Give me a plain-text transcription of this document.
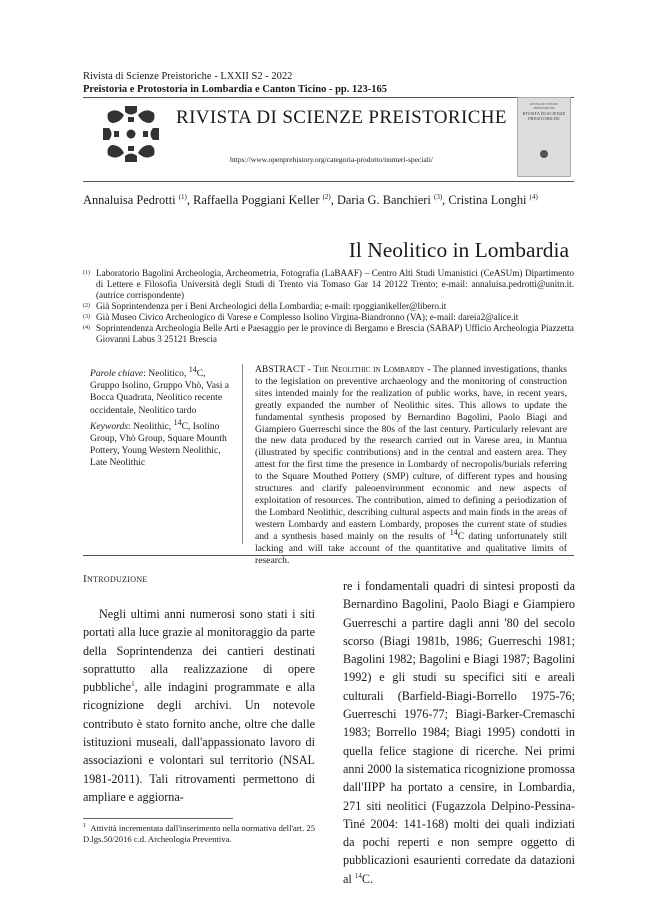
Rivista di Scienze Preistoriche - LXXII S2 - 2022
Preistoria e Protostoria in Lombardia e Canton Ticino - pp. 123-165
RIVISTA DI SCIENZE PREISTORICHE
https://www.openprehistory.org/categoria-prodotto/numeri-speciali/
RIVISTA DI SCIENZE PREISTORICHE
RIVISTA DI SCIENZE PREISTORICHE
Annaluisa Pedrotti $^{(1)}$, Raffaella Poggiani Keller $^{(2)}$, Daria G. Banchieri $^{(3)}$, Cristina Longhi $^{(4)}$
Il Neolitico in Lombardia
(1) Laboratorio Bagolini Archeologia, Archeometria, Fotografia (LaBAAF) – Centro Alti Studi Umanistici (CeASUm) Dipartimento di Lettere e Filosofia Università degli Studi di Trento via Tomaso Gar 14 20122 Trento; e-mail: annaluisa.pedrotti@unitn.it. (autrice corrispondente)
(2) Già Soprintendenza per i Beni Archeologici della Lombardia; e-mail: rpoggianikeller@libero.it
(3) Già Museo Civico Archeologico di Varese e Complesso Isolino Virgina-Biandronno (VA); e-mail: dareia2@alice.it
(4) Soprintendenza Archeologia Belle Arti e Paesaggio per le province di Bergamo e Brescia (SABAP) Ufficio Archeologia Piazzetta Giovanni Labus 3 25121 Brescia

Parole chiave: Neolitico, $^{14}$C, Gruppo Isolino, Gruppo Vhò, Vasi a Bocca Quadrata, Neolitico recente occidentale, Neolitico tardo

Keywords: Neolithic, $^{14}$C, Isolino Group, Vhò Group, Square Mounth Pottery, Young Western Neolithic, Late Neolithic

ABSTRACT - The Neolithic in Lombardy - The planned investigations, thanks to the legislation on preventive archaeology and the monitoring of construction sites intended mainly for the realization of public works, have, in recent years, greatly expanded the number of Neolithic sites. This allows to update the fundamental synthesis proposed by Bernardino Bagolini, Paolo Biagi and Giampiero Guerreschi since the 80s of the last century. Particularly relevant are the new data produced by the research carried out in Varese area, in Mantua (illustrated by specific contributions) and in the central and eastern area. They attest for the first time the presence in Lombardy of necropolis/burials referring to the Square Mouthed Pottery (SMP) culture, of different types and housing structures and clarify paleoenvironment economic and new aspects of exploitation of resources. The contribution, aimed to defining a periodization of the Lombard Neolithic, describing cultural aspects and main finds in the areas of western Lombardy and eastern Lombardy, proposes the current state of studies and a synthesis based mainly on the results of $^{14}$C dating unfortunately still lacking and will take account of the quantitative and qualitative limits of research.
Introduzione
Negli ultimi anni numerosi sono stati i siti portati alla luce grazie al monitoraggio da parte della Soprintendenza dei cantieri destinati soprattutto alla realizzazione di opere pubbliche$^1$, alle indagini programmate e alla ricognizione degli archivi. Un notevole contributo è stato fornito anche, oltre che dalle istituzioni museali, dall'appassionato lavoro di associazioni e volontari sul territorio (NSAL 1981-2011). Tali ritrovamenti permettono di ampliare e aggiorna-
$^1$ Attività incrementata dall'inserimento nella normativa dell'art. 25 D.lgs.50/2016 c.d. Archeologia Preventiva.
re i fondamentali quadri di sintesi proposti da Bernardino Bagolini, Paolo Biagi e Giampiero Guerreschi a partire dagli anni '80 del secolo scorso (Biagi 1981b, 1986; Guerreschi 1981; Bagolini 1982; Bagolini e Biagi 1987; Bagolini 1992) e gli studi su specifici siti e areali culturali (Barfield-Biagi-Borrello 1975-76; Guerreschi 1976-77; Biagi-Barker-Cremaschi 1983; Borrello 1984; Biagi 1995) condotti in quella felice stagione di ricerche. Nei primi anni 2000 la sistematica ricognizione promossa dall'IIPP ha portato a censire, in Lombardia, 271 siti neolitici (Fugazzola Delpino-Pessina-Tiné 2004: 141-168) molti dei quali indiziati da pochi reperti e non sempre oggetto di pubblicazioni esaurienti corredate da datazioni al $^{14}$C.
